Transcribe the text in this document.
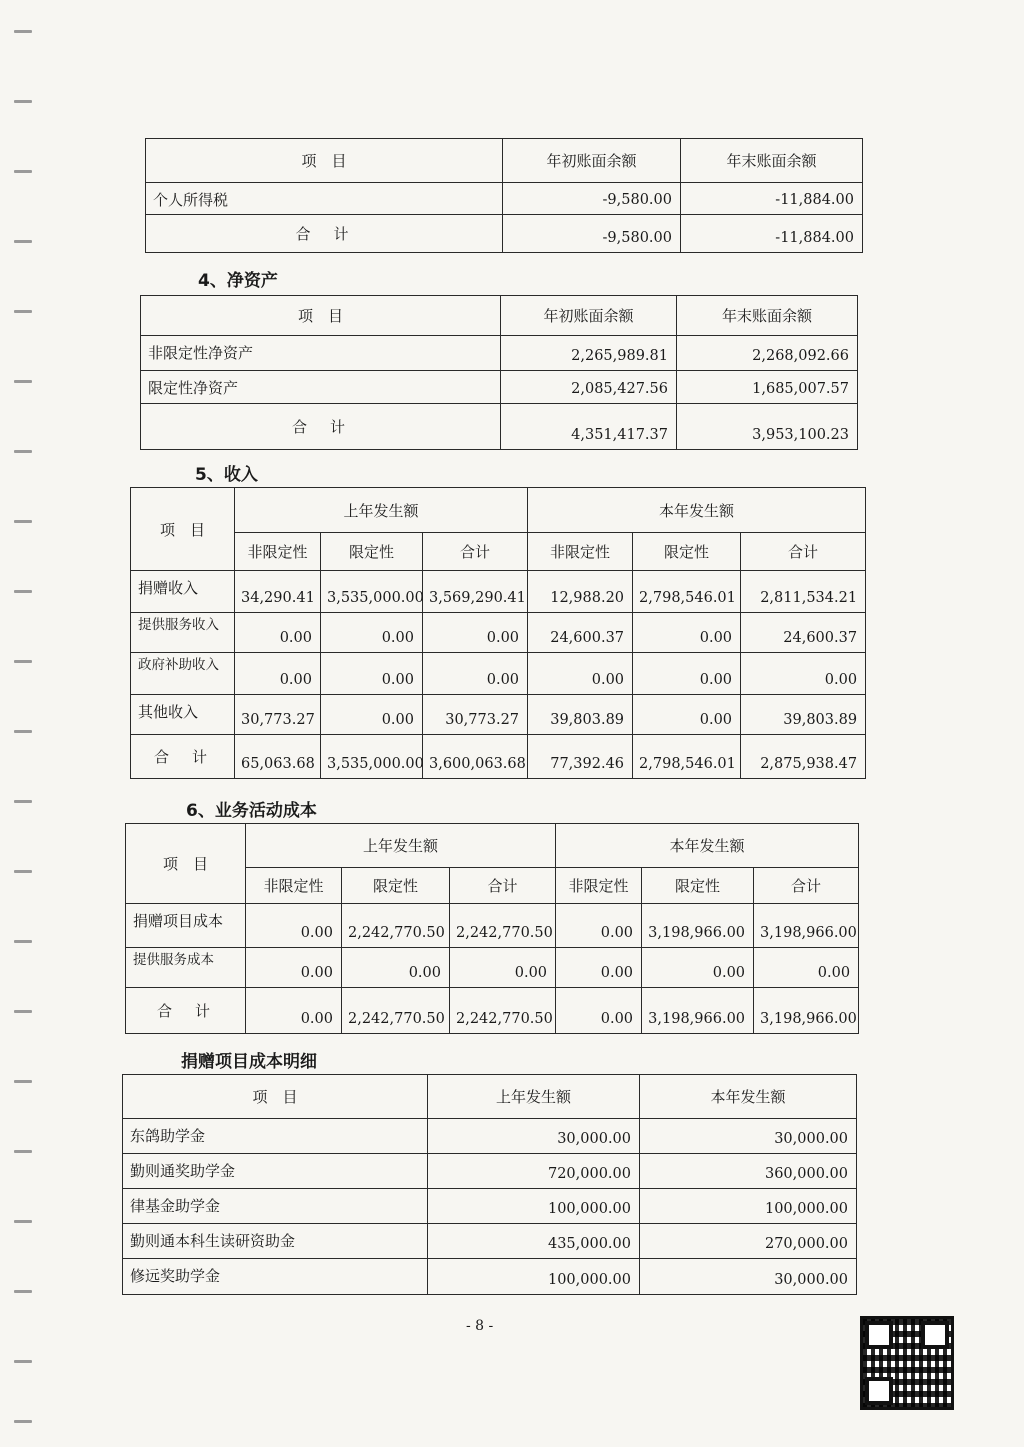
项　目	年初账面余额	年末账面余额
个人所得税	-9,580.00	-11,884.00
合　计	-9,580.00	-11,884.00
4、净资产
项　目	年初账面余额	年末账面余额
非限定性净资产	2,265,989.81	2,268,092.66
限定性净资产	2,085,427.56	1,685,007.57
合　计	4,351,417.37	3,953,100.23
5、收入
项　目	上年发生额			本年发生额		
	非限定性	限定性	合计	非限定性	限定性	合计
捐赠收入	34,290.41	3,535,000.00	3,569,290.41	12,988.20	2,798,546.01	2,811,534.21
提供服务收入	0.00	0.00	0.00	24,600.37	0.00	24,600.37
政府补助收入	0.00	0.00	0.00	0.00	0.00	0.00
其他收入	30,773.27	0.00	30,773.27	39,803.89	0.00	39,803.89
合　计	65,063.68	3,535,000.00	3,600,063.68	77,392.46	2,798,546.01	2,875,938.47
6、业务活动成本
项　目	上年发生额			本年发生额		
	非限定性	限定性	合计	非限定性	限定性	合计
捐赠项目成本	0.00	2,242,770.50	2,242,770.50	0.00	3,198,966.00	3,198,966.00
提供服务成本	0.00	0.00	0.00	0.00	0.00	0.00
合　计	0.00	2,242,770.50	2,242,770.50	0.00	3,198,966.00	3,198,966.00
捐赠项目成本明细
项　目	上年发生额	本年发生额
东鸽助学金	30,000.00	30,000.00
勤则通奖助学金	720,000.00	360,000.00
律基金助学金	100,000.00	100,000.00
勤则通本科生读研资助金	435,000.00	270,000.00
修远奖助学金	100,000.00	30,000.00
- 8 -
